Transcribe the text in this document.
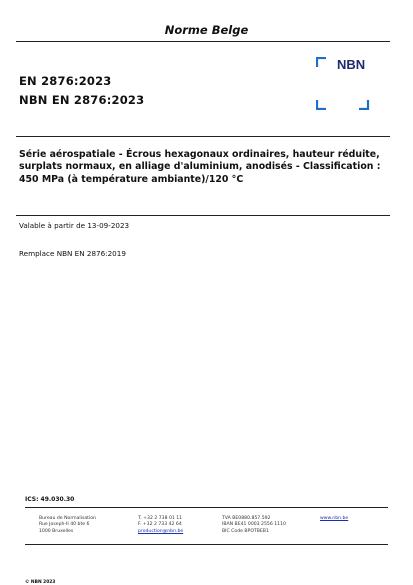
Norme Belge
NBN
EN 2876:2023
NBN EN 2876:2023
Série aérospatiale - Écrous hexagonaux ordinaires, hauteur réduite, surplats normaux, en alliage d'aluminium, anodisés - Classification : 450 MPa (à température ambiante)/120 °C
Valable à partir de 13-09-2023
Remplace NBN EN 2876:2019
ICS: 49.030.30
Bureau de Normalisation
Rue Joseph-II 40 bte 6
1000 Bruxelles
T. +32 2 738 01 11
F. +32 2 733 42 64
production@nbn.be
TVA BE0880.857.592
IBAN BE41 0003 2556 1110
BIC Code BPOTBEB1
www.nbn.be
© NBN 2023
